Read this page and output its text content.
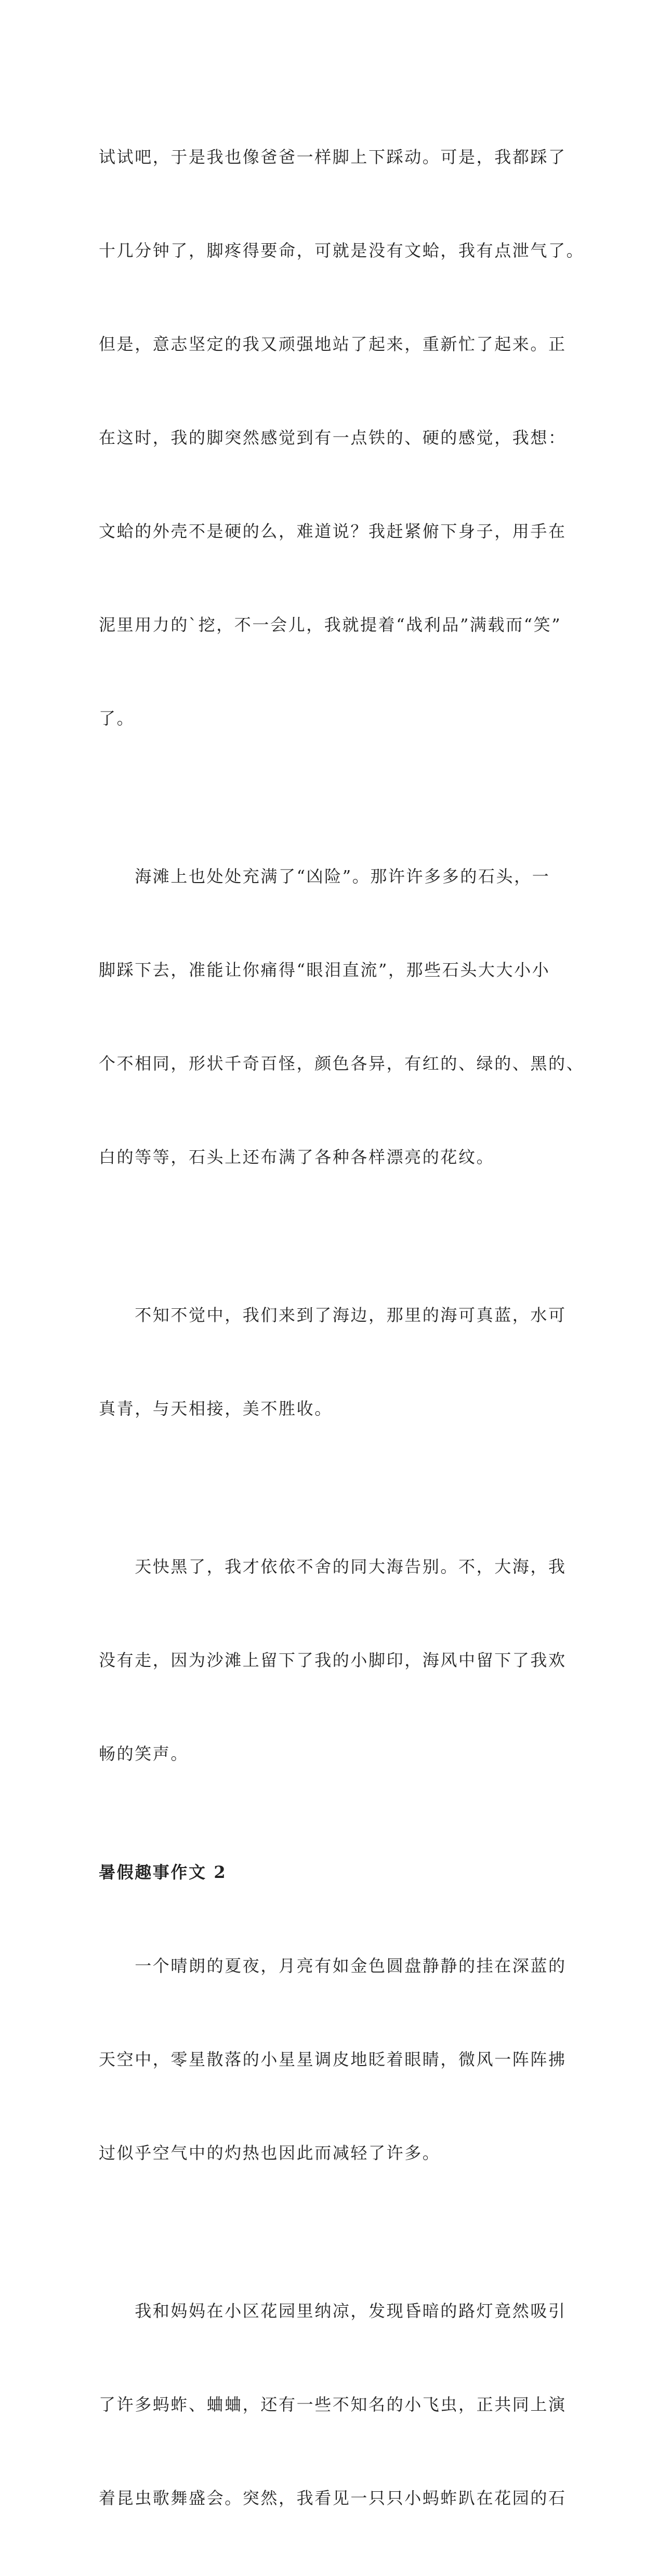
试试吧，于是我也像爸爸一样脚上下踩动。可是，我都踩了

十几分钟了，脚疼得要命，可就是没有文蛤，我有点泄气了。

但是，意志坚定的我又顽强地站了起来，重新忙了起来。正

在这时，我的脚突然感觉到有一点铁的、硬的感觉，我想：

文蛤的外壳不是硬的么，难道说？我赶紧俯下身子，用手在

泥里用力的`挖，不一会儿，我就提着“战利品”满载而“笑”

了。

　　海滩上也处处充满了“凶险”。那许许多多的石头，一

脚踩下去，准能让你痛得“眼泪直流”，那些石头大大小小

个不相同，形状千奇百怪，颜色各异，有红的、绿的、黑的、

白的等等，石头上还布满了各种各样漂亮的花纹。

　　不知不觉中，我们来到了海边，那里的海可真蓝，水可

真青，与天相接，美不胜收。

　　天快黑了，我才依依不舍的同大海告别。不，大海，我

没有走，因为沙滩上留下了我的小脚印，海风中留下了我欢

畅的笑声。

暑假趣事作文 2

　　一个晴朗的夏夜，月亮有如金色圆盘静静的挂在深蓝的

天空中，零星散落的小星星调皮地眨着眼睛，微风一阵阵拂

过似乎空气中的灼热也因此而减轻了许多。

　　我和妈妈在小区花园里纳凉，发现昏暗的路灯竟然吸引

了许多蚂蚱、蛐蛐，还有一些不知名的小飞虫，正共同上演

着昆虫歌舞盛会。突然，我看见一只只小蚂蚱趴在花园的石
